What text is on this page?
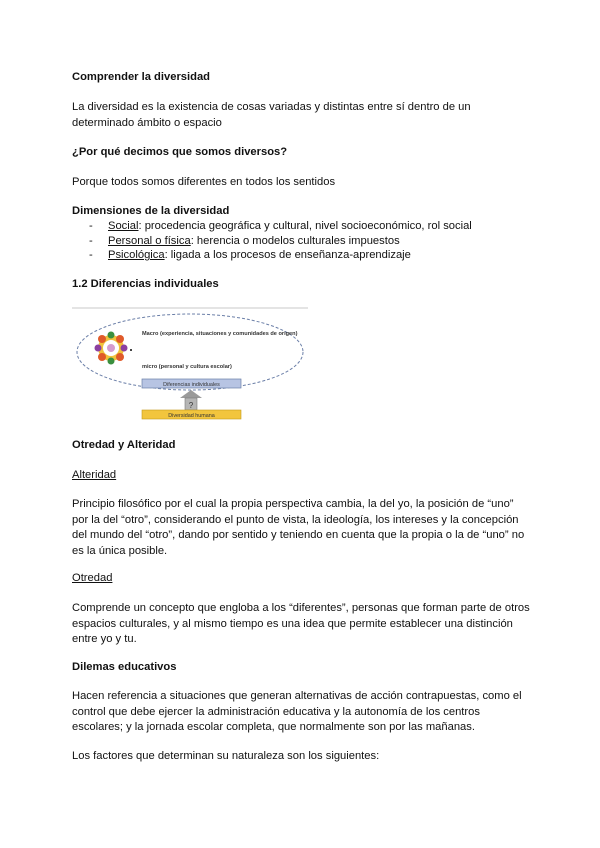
Comprender la diversidad

La diversidad es la existencia de cosas variadas y distintas entre sí dentro de un

determinado ámbito o espacio

¿Por qué decimos que somos diversos?

Porque todos somos diferentes en todos los sentidos

Dimensiones de la diversidad

- Social: procedencia geográfica y cultural, nivel socioeconómico, rol social
- Personal o física: herencia o modelos culturales impuestos
- Psicológica: ligada a los procesos de enseñanza-aprendizaje

1.2 Diferencias individuales

Macro (experiencia, situaciones y comunidades de origen)
micro (personal y cultura escolar)
Diferencias individuales
?
Diversidad humana

Otredad y Alteridad

Alteridad

Principio filosófico por el cual la propia perspectiva cambia, la del yo, la posición de “uno”

por la del “otro”, considerando el punto de vista, la ideología, los intereses y la concepción

del mundo del “otro”, dando por sentido y teniendo en cuenta que la propia o la de “uno” no

es la única posible.

Otredad

Comprende un concepto que engloba a los “diferentes”, personas que forman parte de otros

espacios culturales, y al mismo tiempo es una idea que permite establecer una distinción

entre yo y tu.

Dilemas educativos

Hacen referencia a situaciones que generan alternativas de acción contrapuestas, como el

control que debe ejercer la administración educativa y la autonomía de los centros

escolares; y la jornada escolar completa, que normalmente son por las mañanas.

Los factores que determinan su naturaleza son los siguientes:
